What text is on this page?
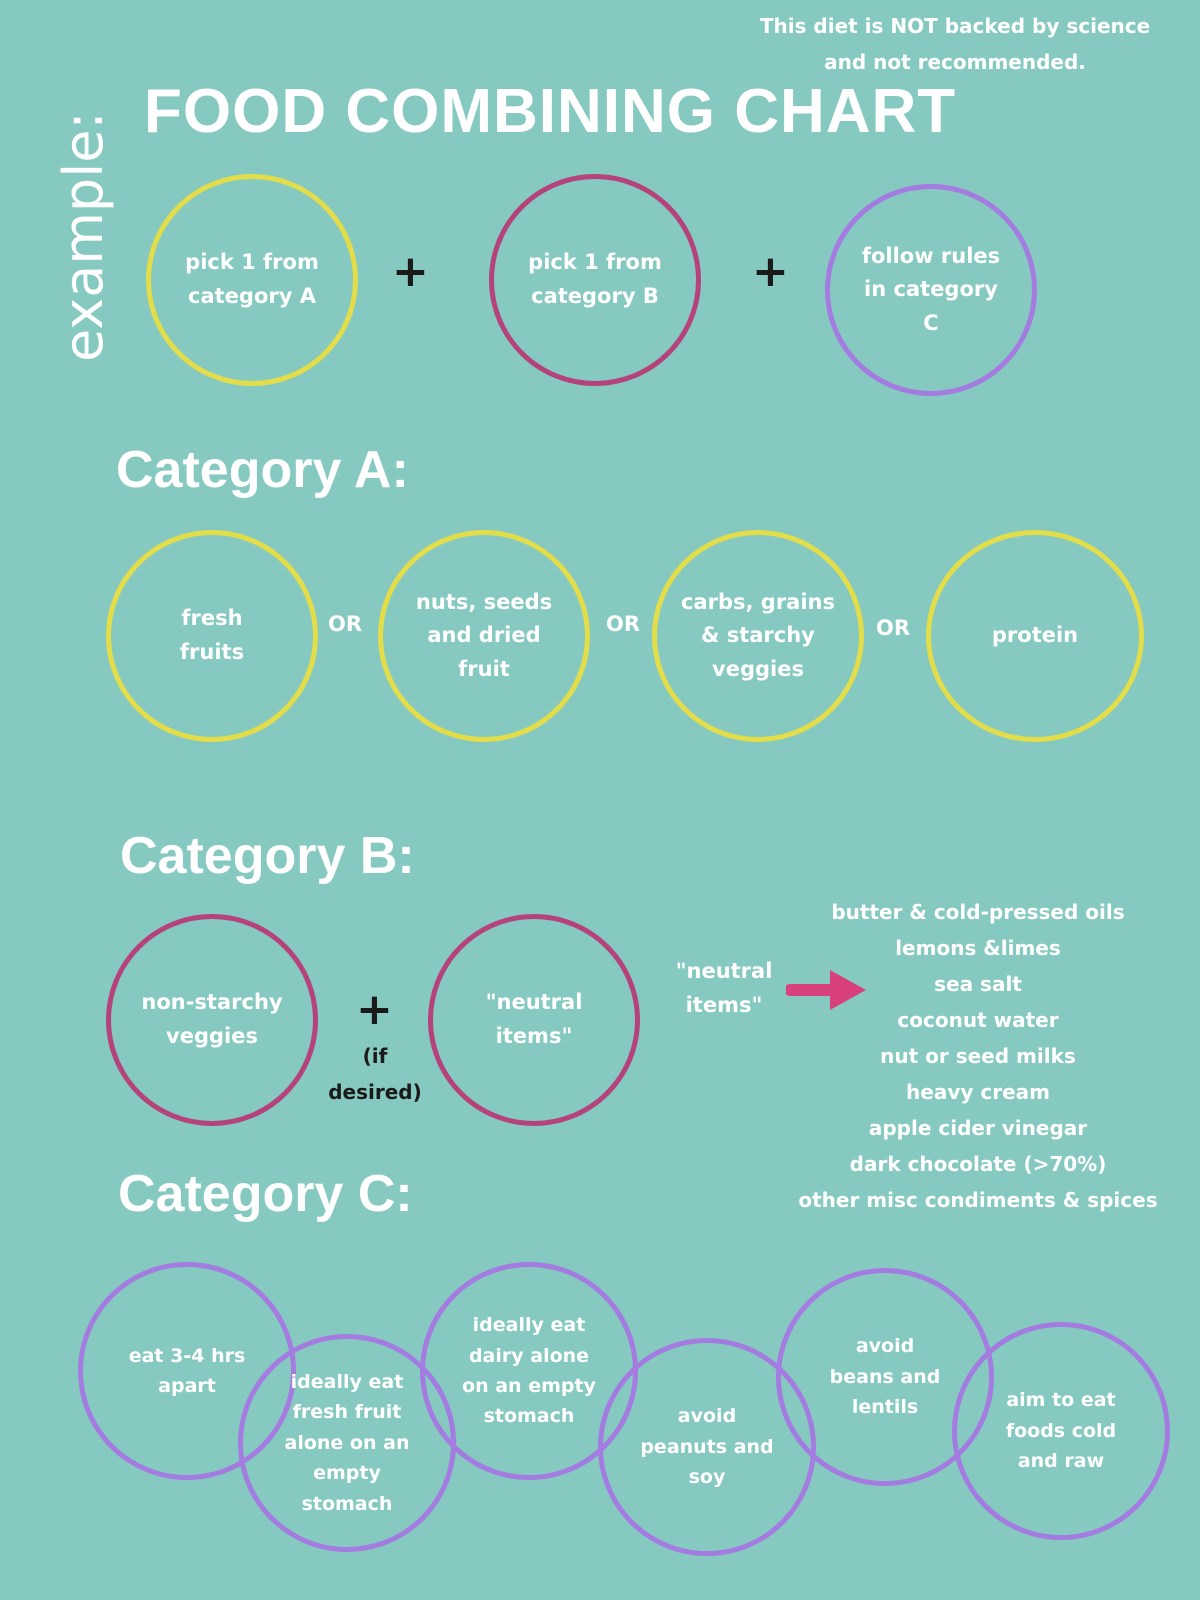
example: FOOD COMBINING CHART
This diet is NOT backed by science
and not recommended.
pick 1 from
category A	+	pick 1 from
category B	+	follow rules
in category
C
Category A:
fresh
fruits
OR
nuts, seeds
and dried
fruit
OR
carbs, grains
& starchy
veggies
OR	protein
Category B:
non-starchy
veggies
+
(if
desired)
"neutral
items"
"neutral
items"
butter & cold-pressed oils
lemons &limes
sea salt
coconut water
nut or seed milks
heavy cream
apple cider vinegar
dark chocolate (>70%)
other misc condiments & spices
Category C:
eat 3-4 hrs
apart	ideally eat
fresh fruit
alone on an
empty
stomach
ideally eat
dairy alone
on an empty
stomach	avoid
peanuts and
soy
avoid
beans and
lentils	aim to eat
foods cold
and raw
